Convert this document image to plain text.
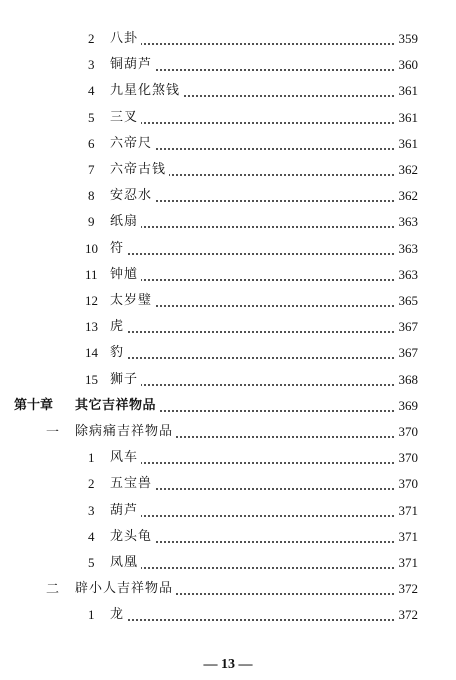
2 八卦	359
3 铜葫芦	360
4 九星化煞钱	361
5 三叉	361
6 六帝尺	361
7 六帝古钱	362
8 安忍水	362
9 纸扇	363
10 符	363
11 钟馗	363
12 太岁璧	365
13 虎	367
14 豹	367
15 狮子	368
第十章 其它吉祥物品	369
一 除病痛吉祥物品	370
1 风车	370
2 五宝兽	370
3 葫芦	371
4 龙头龟	371
5 凤凰	371
二 辟小人吉祥物品	372
1 龙	372
— 13 —
